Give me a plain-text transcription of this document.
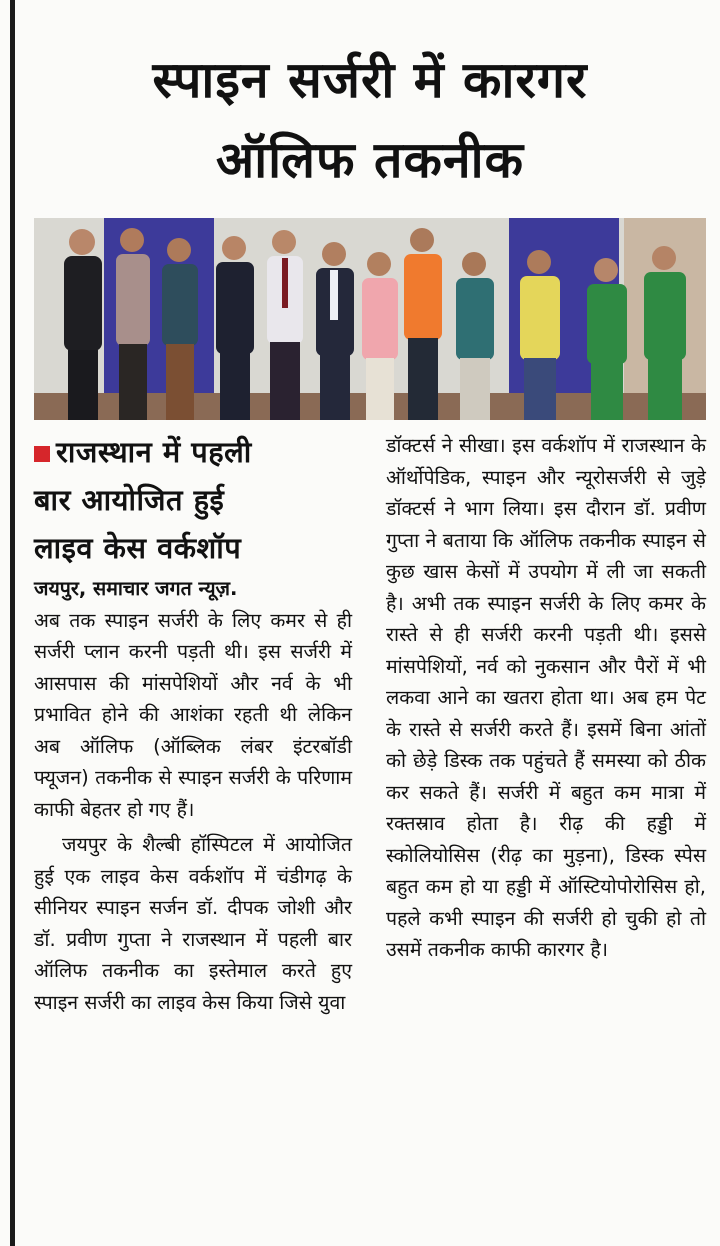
स्पाइन सर्जरी में कारगर
ऑलिफ तकनीक
राजस्थान में पहली
बार आयोजित हुई
लाइव केस वर्कशॉप

जयपुर, समाचार जगत न्यूज़.

अब तक स्पाइन सर्जरी के लिए कमर से ही सर्जरी प्लान करनी पड़ती थी। इस सर्जरी में आसपास की मांसपेशियों और नर्व के भी प्रभावित होने की आशंका रहती थी लेकिन अब ऑलिफ (ऑब्लिक लंबर इंटरबॉडी फ्यूजन) तकनीक से स्पाइन सर्जरी के परिणाम काफी बेहतर हो गए हैं।

जयपुर के शैल्बी हॉस्पिटल में आयोजित हुई एक लाइव केस वर्कशॉप में चंडीगढ़ के सीनियर स्पाइन सर्जन डॉ. दीपक जोशी और डॉ. प्रवीण गुप्ता ने राजस्थान में पहली बार ऑलिफ तकनीक का इस्तेमाल करते हुए स्पाइन सर्जरी का लाइव केस किया जिसे युवा

डॉक्टर्स ने सीखा। इस वर्कशॉप में राजस्थान के ऑर्थोपेडिक, स्पाइन और न्यूरोसर्जरी से जुड़े डॉक्टर्स ने भाग लिया। इस दौरान डॉ. प्रवीण गुप्ता ने बताया कि ऑलिफ तकनीक स्पाइन से कुछ खास केसों में उपयोग में ली जा सकती है। अभी तक स्पाइन सर्जरी के लिए कमर के रास्ते से ही सर्जरी करनी पड़ती थी। इससे मांसपेशियों, नर्व को नुकसान और पैरों में भी लकवा आने का खतरा होता था। अब हम पेट के रास्ते से सर्जरी करते हैं। इसमें बिना आंतों को छेड़े डिस्क तक पहुंचते हैं समस्या को ठीक कर सकते हैं। सर्जरी में बहुत कम मात्रा में रक्तस्राव होता है। रीढ़ की हड्डी में स्कोलियोसिस (रीढ़ का मुड़ना), डिस्क स्पेस बहुत कम हो या हड्डी में ऑस्टियोपोरोसिस हो, पहले कभी स्पाइन की सर्जरी हो चुकी हो तो उसमें तकनीक काफी कारगर है।
